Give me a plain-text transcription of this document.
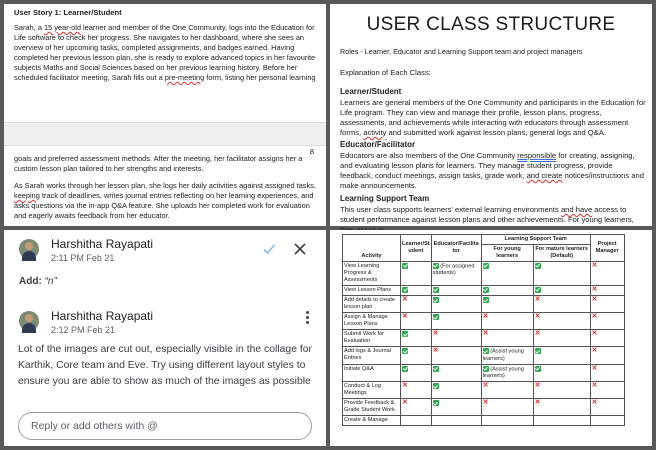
User Story 1: Learner/Student
Sarah, a 15 year-old learner and member of the One Community, logs into the Education for Life software to check her progress. She navigates to her dashboard, where she sees an overview of her upcoming tasks, completed assignments, and badges earned. Having completed her previous lesson plan, she is ready to explore advanced topics in her favourite subjects Maths and Social Sciences based on her previous learning history. Before her scheduled facilitator meeting, Sarah fills out a pre-meeting form, listing her personal learning
8
goals and preferred assessment methods. After the meeting, her facilitator assigns her a custom lesson plan tailored to her strengths and interests.
As Sarah works through her lesson plan, she logs her daily activities against assigned tasks, keeping track of deadlines, writes journal entries reflecting on her learning experiences, and asks questions via the in-app Q&A feature. She uploads her completed work for evaluation and eagerly awaits feedback from her educator.
USER CLASS STRUCTURE
Roles - Learner, Educator and Learning Support team and project managers
Explanation of Each Class:
Learner/Student
Learners are general members of the One Community and participants in the Education for Life program. They can view and manage their profile, lesson plans, progress, assessments, and achievements while interacting with educators through assessment forms, activity and submitted work against lesson plans, general logs and Q&A.
Educator/Facilitator
Educators are also members of the One Community responsible for creating, assigning, and evaluating lesson plans for learners. They manage student progress, provide feedback, conduct meetings, assign tasks, grade work, and create notices/instructions and make announcements.
Learning Support Team
This user class supports learners' external learning environments and have access to student performance against lesson plans and other achievements. For young learners,
Harshitha Rayapati
2:11 PM Feb 21
Add: “n”
Harshitha Rayapati
2:12 PM Feb 21
Lot of the images are cut out, especially visible in the collage for Karthik, Core team and Eve. Try using different layout styles to ensure you are able to show as much of the images as possible
Reply or add others with @
Activity	Learner/St udent	Educator/Facilita tor	Learning Support Team		Project Manager
			For young learners	For mature learners (Default)	
View Learning Progress & Assessments		(For assigned students)			✕
View Lesson Plans					✕
Add details to create lesson plan	✕			✕	✕
Assign & Manage Lesson Plans	✕		✕	✕	✕
Submit Work for Evaluation		✕	✕	✕	✕
Add logs & Journal Entries		✕	(Assist young learners)		✕
Initiate Q&A			(Assist young learners)		✕
Conduct & Log Meetings	✕		✕	✕	✕
Provide Feedback & Grade Student Work	✕		✕	✕	✕
Create & Manage					
